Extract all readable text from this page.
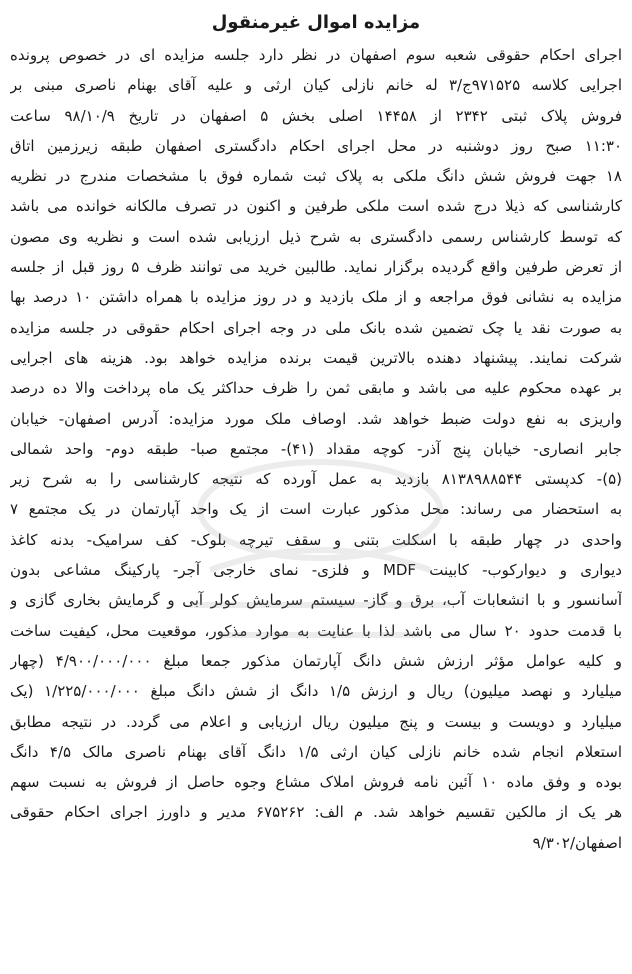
مزایده اموال غیرمنقول
اجرای احکام حقوقی شعبه سوم اصفهان در نظر دارد جلسه مزایده ای در خصوص پرونده
اجرایی کلاسه ۹۷۱۵۲۵ج/۳ له خانم نازلی کیان ارثی و علیه آقای بهنام ناصری مبنی بر
فروش پلاک ثبتی ۲۳۴۲ از ۱۴۴۵۸ اصلی بخش ۵ اصفهان در تاریخ ۹۸/۱۰/۹ ساعت
۱۱:۳۰ صبح روز دوشنبه در محل اجرای احکام دادگستری اصفهان طبقه زیرزمین اتاق
۱۸ جهت فروش شش دانگ ملکی به پلاک ثبت شماره فوق با مشخصات مندرج در نظریه
کارشناسی که ذیلا درج شده است ملکی طرفین و اکنون در تصرف مالکانه خوانده می باشد
که توسط کارشناس رسمی دادگستری به شرح ذیل ارزیابی شده است و نظریه وی مصون
از تعرض طرفین واقع گردیده برگزار نماید. طالبین خرید می توانند ظرف ۵ روز قبل از جلسه
مزایده به نشانی فوق مراجعه و از ملک بازدید و در روز مزایده با همراه داشتن ۱۰ درصد بها
به صورت نقد یا چک تضمین شده بانک ملی در وجه اجرای احکام حقوقی در جلسه مزایده
شرکت نمایند. پیشنهاد دهنده بالاترین قیمت برنده مزایده خواهد بود. هزینه های اجرایی
بر عهده محکوم علیه می باشد و مابقی ثمن را ظرف حداکثر یک ماه پرداخت والا ده درصد
واریزی به نفع دولت ضبط خواهد شد. اوصاف ملک مورد مزایده: آدرس اصفهان- خیابان
جابر انصاری- خیابان پنج آذر- کوچه مقداد (۴۱)- مجتمع صبا- طبقه دوم- واحد شمالی
(۵)- کدپستی ۸۱۳۸۹۸۸۵۴۴ بازدید به عمل آورده که نتیجه کارشناسی را به شرح زیر
به استحضار می رساند: محل مذکور عبارت است از یک واحد آپارتمان در یک مجتمع ۷
واحدی در چهار طبقه با اسکلت بتنی و سقف تیرچه بلوک- کف سرامیک- بدنه کاغذ
دیواری و دیوارکوب- کابینت MDF و فلزی- نمای خارجی آجر- پارکینگ مشاعی بدون
آسانسور و با انشعابات آب، برق و گاز- سیستم سرمایش کولر آبی و گرمایش بخاری گازی و
با قدمت حدود ۲۰ سال می باشد لذا با عنایت به موارد مذکور، موقعیت محل، کیفیت ساخت
و کلیه عوامل مؤثر ارزش شش دانگ آپارتمان مذکور جمعا مبلغ ۴/۹۰۰/۰۰۰/۰۰۰ (چهار
میلیارد و نهصد میلیون) ریال و ارزش ۱/۵ دانگ از شش دانگ مبلغ ۱/۲۲۵/۰۰۰/۰۰۰ (یک
میلیارد و دویست و بیست و پنج میلیون ریال ارزیابی و اعلام می گردد. در نتیجه مطابق
استعلام انجام شده خانم نازلی کیان ارثی ۱/۵ دانگ آقای بهنام ناصری مالک ۴/۵ دانگ
بوده و وفق ماده ۱۰ آئین نامه فروش املاک مشاع وجوه حاصل از فروش به نسبت سهم
هر یک از مالکین تقسیم خواهد شد. م الف: ۶۷۵۲۶۲ مدیر و داورز اجرای احکام حقوقی
اصفهان/۹/۳۰۲
